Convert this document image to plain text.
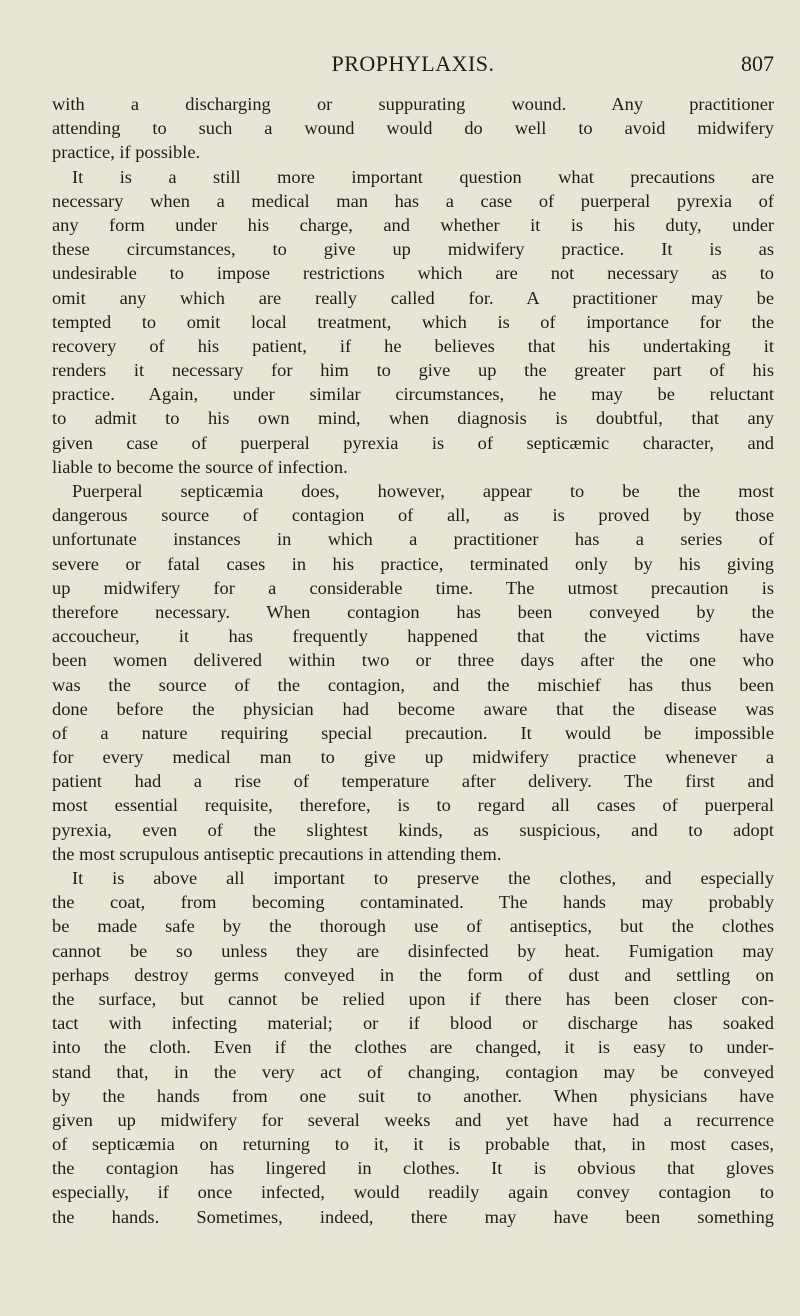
PROPHYLAXIS.	807
with a discharging or suppurating wound. Any practitioner
attending to such a wound would do well to avoid midwifery
practice, if possible.
It is a still more important question what precautions are
necessary when a medical man has a case of puerperal pyrexia of
any form under his charge, and whether it is his duty, under
these circumstances, to give up midwifery practice. It is as
undesirable to impose restrictions which are not necessary as to
omit any which are really called for. A practitioner may be
tempted to omit local treatment, which is of importance for the
recovery of his patient, if he believes that his undertaking it
renders it necessary for him to give up the greater part of his
practice. Again, under similar circumstances, he may be reluctant
to admit to his own mind, when diagnosis is doubtful, that any
given case of puerperal pyrexia is of septicæmic character, and
liable to become the source of infection.
Puerperal septicæmia does, however, appear to be the most
dangerous source of contagion of all, as is proved by those
unfortunate instances in which a practitioner has a series of
severe or fatal cases in his practice, terminated only by his giving
up midwifery for a considerable time. The utmost precaution is
therefore necessary. When contagion has been conveyed by the
accoucheur, it has frequently happened that the victims have
been women delivered within two or three days after the one who
was the source of the contagion, and the mischief has thus been
done before the physician had become aware that the disease was
of a nature requiring special precaution. It would be impossible
for every medical man to give up midwifery practice whenever a
patient had a rise of temperature after delivery. The first and
most essential requisite, therefore, is to regard all cases of puerperal
pyrexia, even of the slightest kinds, as suspicious, and to adopt
the most scrupulous antiseptic precautions in attending them.
It is above all important to preserve the clothes, and especially
the coat, from becoming contaminated. The hands may probably
be made safe by the thorough use of antiseptics, but the clothes
cannot be so unless they are disinfected by heat. Fumigation may
perhaps destroy germs conveyed in the form of dust and settling on
the surface, but cannot be relied upon if there has been closer con-
tact with infecting material; or if blood or discharge has soaked
into the cloth. Even if the clothes are changed, it is easy to under-
stand that, in the very act of changing, contagion may be conveyed
by the hands from one suit to another. When physicians have
given up midwifery for several weeks and yet have had a recurrence
of septicæmia on returning to it, it is probable that, in most cases,
the contagion has lingered in clothes. It is obvious that gloves
especially, if once infected, would readily again convey contagion to
the hands. Sometimes, indeed, there may have been something
